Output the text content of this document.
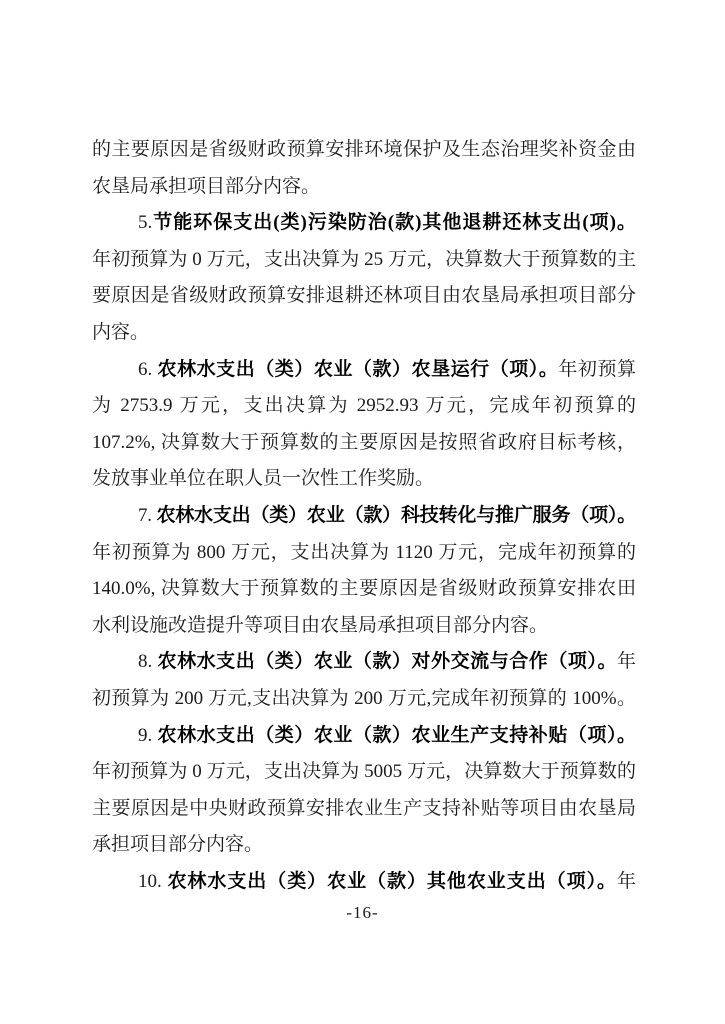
的主要原因是省级财政预算安排环境保护及生态治理奖补资金由
农垦局承担项目部分内容。
5.节能环保支出(类)污染防治(款)其他退耕还林支出(项)。
年初预算为 0 万元，支出决算为 25 万元，决算数大于预算数的主
要原因是省级财政预算安排退耕还林项目由农垦局承担项目部分
内容。
6. 农林水支出（类）农业（款）农垦运行（项）。年初预算
为 2753.9 万元，支出决算为 2952.93 万元，完成年初预算的
107.2%, 决算数大于预算数的主要原因是按照省政府目标考核，
发放事业单位在职人员一次性工作奖励。
7. 农林水支出（类）农业（款）科技转化与推广服务（项）。
年初预算为 800 万元，支出决算为 1120 万元，完成年初预算的
140.0%, 决算数大于预算数的主要原因是省级财政预算安排农田
水利设施改造提升等项目由农垦局承担项目部分内容。
8. 农林水支出（类）农业（款）对外交流与合作（项）。年
初预算为 200 万元,支出决算为 200 万元,完成年初预算的 100%。
9. 农林水支出（类）农业（款）农业生产支持补贴（项）。
年初预算为 0 万元，支出决算为 5005 万元，决算数大于预算数的
主要原因是中央财政预算安排农业生产支持补贴等项目由农垦局
承担项目部分内容。
10. 农林水支出（类）农业（款）其他农业支出（项）。年
-16-
